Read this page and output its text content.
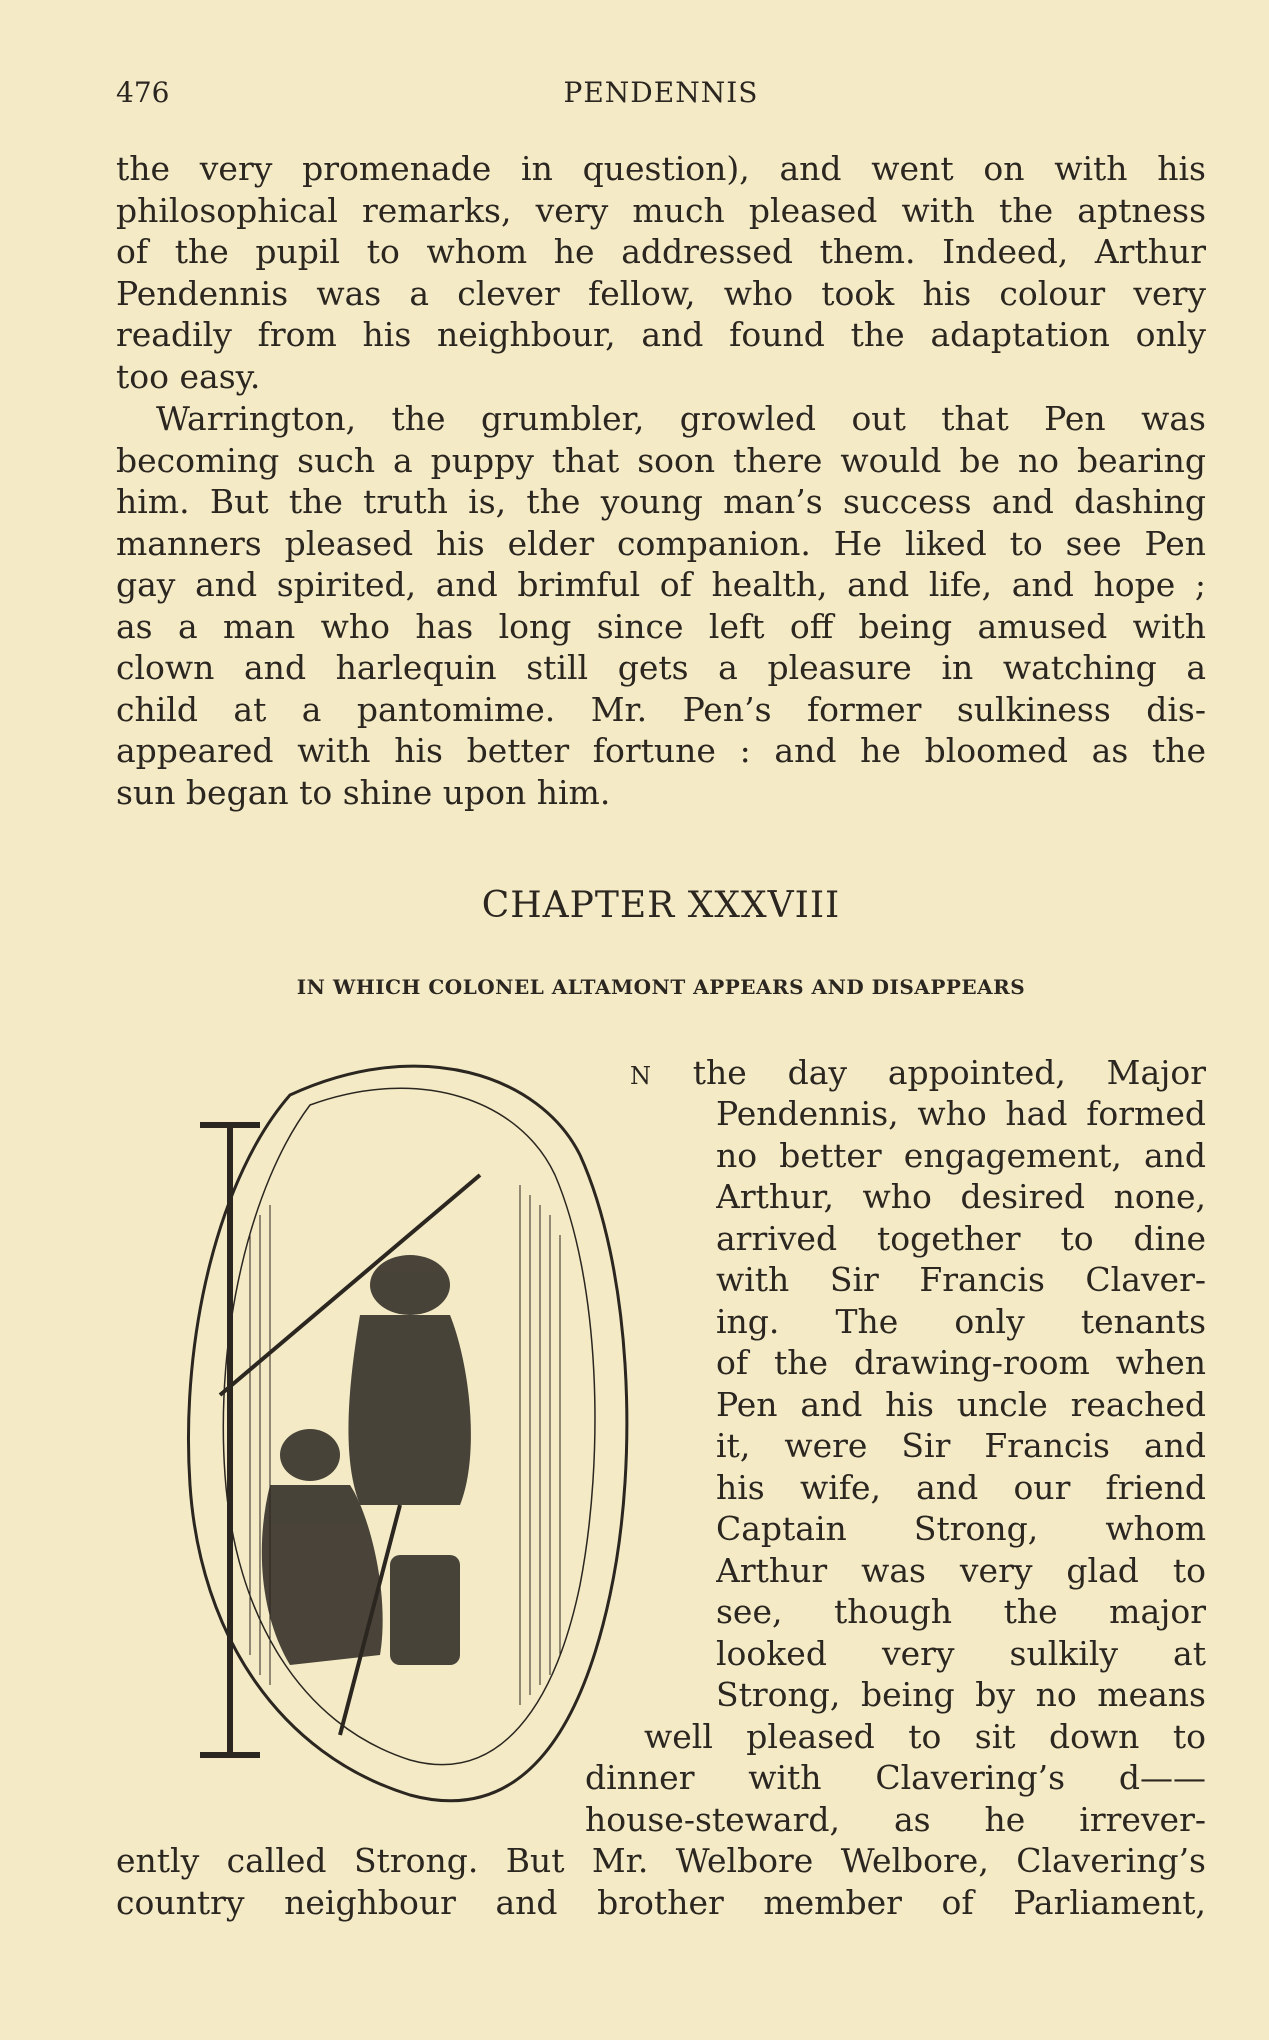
476	PENDENNIS
the very promenade in question), and went on with his
philosophical remarks, very much pleased with the aptness
of the pupil to whom he addressed them. Indeed, Arthur
Pendennis was a clever fellow, who took his colour very
readily from his neighbour, and found the adaptation only
too easy.
Warrington, the grumbler, growled out that Pen was
becoming such a puppy that soon there would be no bearing
him. But the truth is, the young man’s success and dashing
manners pleased his elder companion. He liked to see Pen
gay and spirited, and brimful of health, and life, and hope ;
as a man who has long since left off being amused with
clown and harlequin still gets a pleasure in watching a
child at a pantomime. Mr. Pen’s former sulkiness dis-
appeared with his better fortune : and he bloomed as the
sun began to shine upon him.
CHAPTER XXXVIII
IN WHICH COLONEL ALTAMONT APPEARS AND DISAPPEARS
N the day appointed, Major
Pendennis, who had formed
no better engagement, and
Arthur, who desired none,
arrived together to dine
with Sir Francis Claver-
ing. The only tenants
of the drawing-room when
Pen and his uncle reached
it, were Sir Francis and
his wife, and our friend
Captain Strong, whom
Arthur was very glad to
see, though the major
looked very sulkily at
Strong, being by no means
well pleased to sit down to
dinner with Clavering’s d——
house-steward, as he irrever-
ently called Strong. But Mr. Welbore Welbore, Clavering’s
country neighbour and brother member of Parliament,
